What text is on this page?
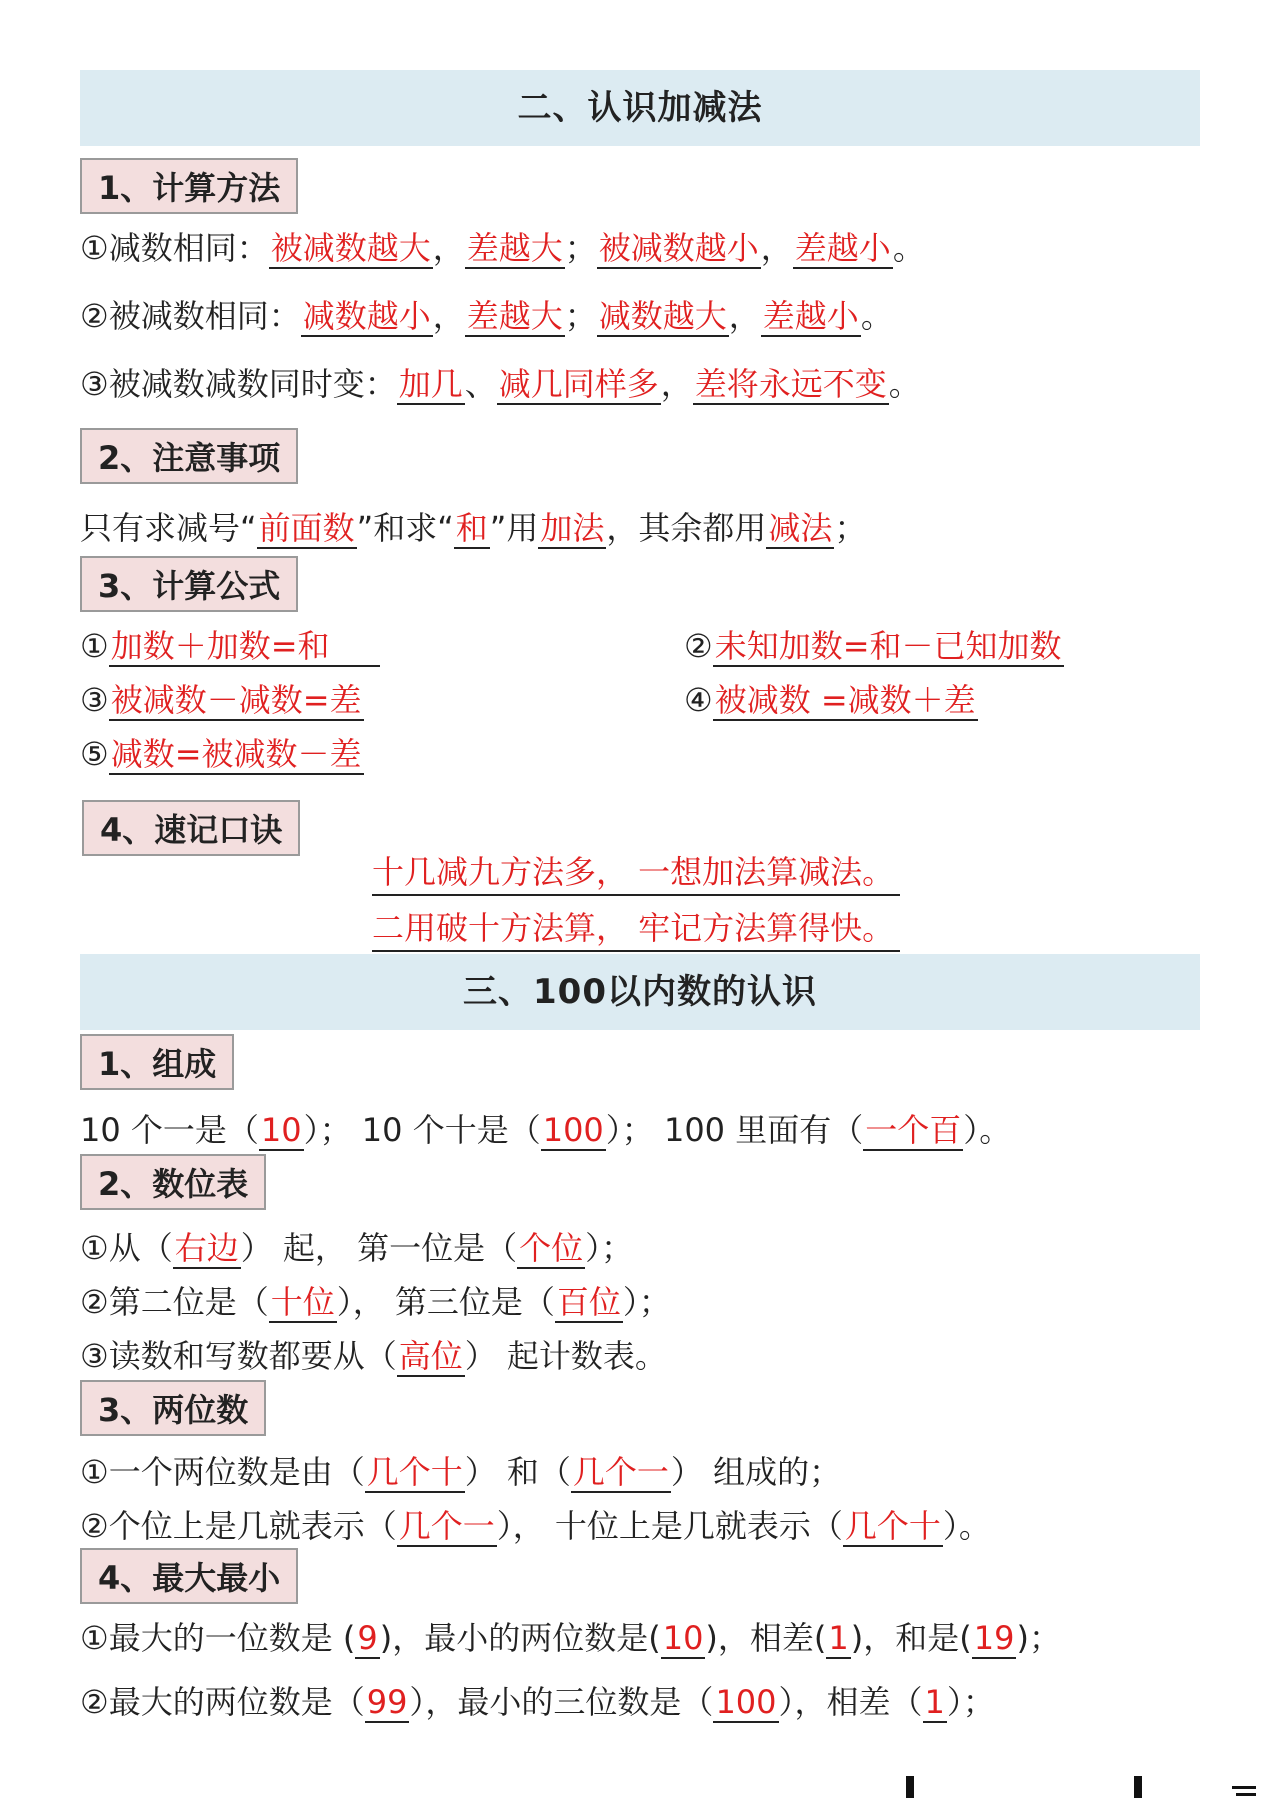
二、认识加减法
1、计算方法
①减数相同：被减数越大，差越大；被减数越小，差越小。
②被减数相同：减数越小，差越大；减数越大，差越小。
③被减数减数同时变：加几、减几同样多，差将永远不变。
2、注意事项
只有求减号“前面数”和求“和”用加法，其余都用减法；
3、计算公式
①加数＋加数=和	②未知加数=和－已知加数
③被减数－减数=差	④被减数 =减数＋差
⑤减数=被减数－差
4、速记口诀
十几减九方法多， 一想加法算减法。
二用破十方法算， 牢记方法算得快。
三、100以内数的认识
1、组成
10 个一是（10）； 10 个十是（100）； 100 里面有（一个百）。
2、数位表
①从（右边） 起， 第一位是（个位）；
②第二位是（十位）， 第三位是（百位）；
③读数和写数都要从（高位） 起计数表。
3、两位数
①一个两位数是由（几个十） 和（几个一） 组成的；
②个位上是几就表示（几个一）， 十位上是几就表示（几个十）。
4、最大最小
①最大的一位数是 (9)，最小的两位数是(10)，相差(1)，和是(19)；
②最大的两位数是（99），最小的三位数是（100），相差（1）；
